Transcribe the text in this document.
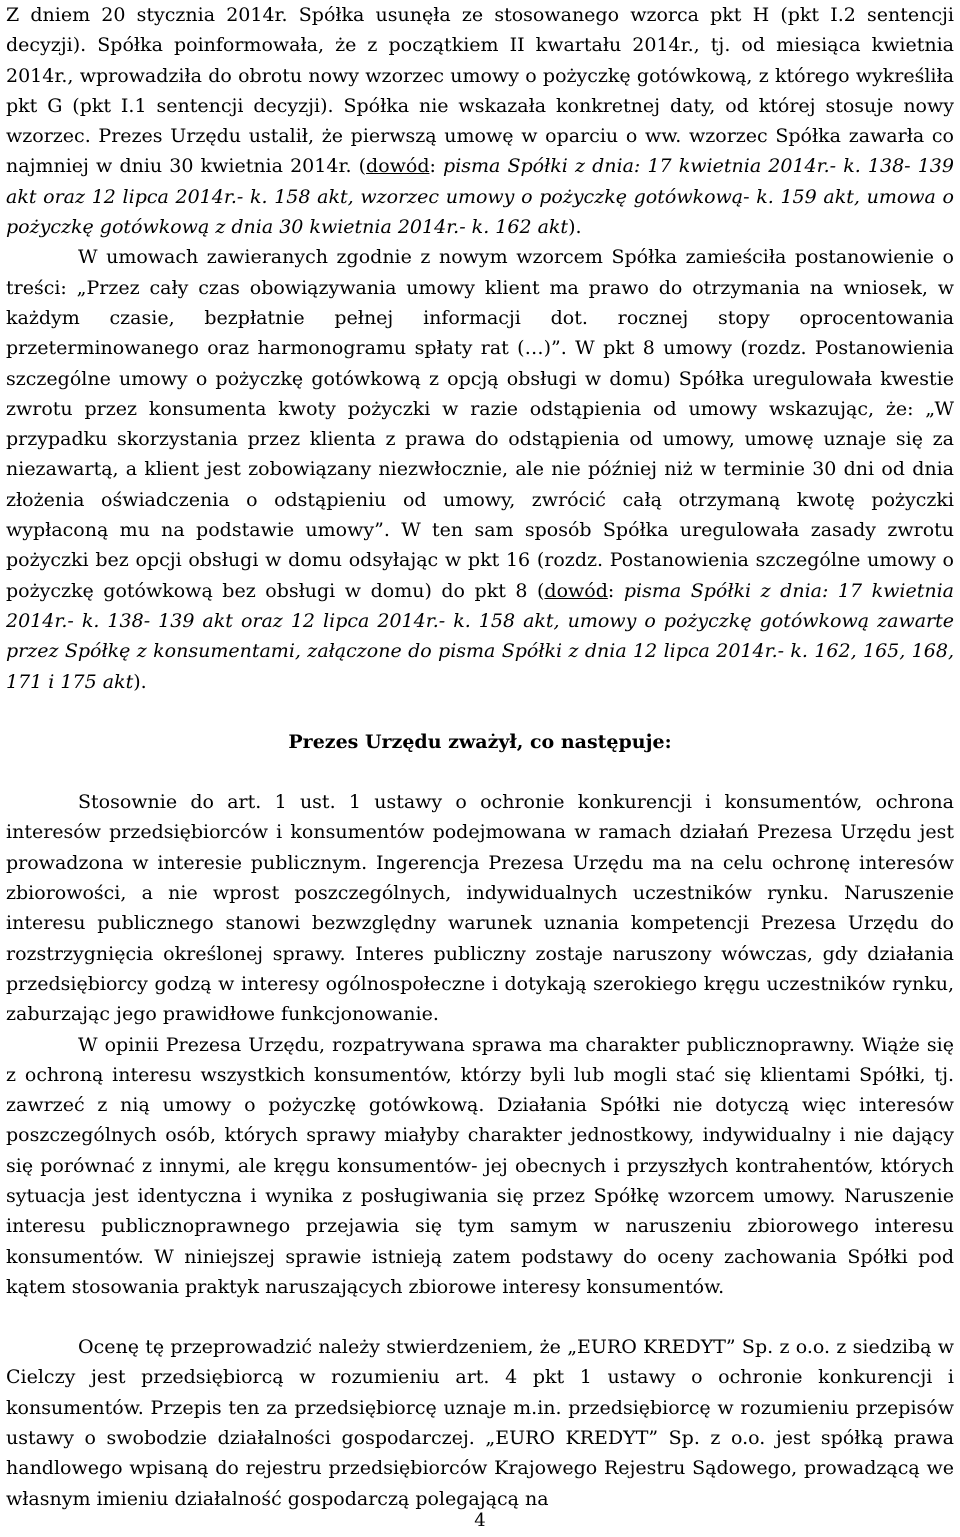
Z dniem 20 stycznia 2014r. Spółka usunęła ze stosowanego wzorca pkt H (pkt I.2 sentencji decyzji). Spółka poinformowała, że z początkiem II kwartału 2014r., tj. od miesiąca kwietnia 2014r., wprowadziła do obrotu nowy wzorzec umowy o pożyczkę gotówkową, z którego wykreśliła pkt G (pkt I.1 sentencji decyzji). Spółka nie wskazała konkretnej daty, od której stosuje nowy wzorzec. Prezes Urzędu ustalił, że pierwszą umowę w oparciu o ww. wzorzec Spółka zawarła co najmniej w dniu 30 kwietnia 2014r. (dowód: pisma Spółki z dnia: 17 kwietnia 2014r.- k. 138- 139 akt oraz 12 lipca 2014r.- k. 158 akt, wzorzec umowy o pożyczkę gotówkową- k. 159 akt, umowa o pożyczkę gotówkową z dnia 30 kwietnia 2014r.- k. 162 akt).

W umowach zawieranych zgodnie z nowym wzorcem Spółka zamieściła postanowienie o treści: „Przez cały czas obowiązywania umowy klient ma prawo do otrzymania na wniosek, w każdym czasie, bezpłatnie pełnej informacji dot. rocznej stopy oprocentowania przeterminowanego oraz harmonogramu spłaty rat (…)”. W pkt 8 umowy (rozdz. Postanowienia szczególne umowy o pożyczkę gotówkową z opcją obsługi w domu) Spółka uregulowała kwestie zwrotu przez konsumenta kwoty pożyczki w razie odstąpienia od umowy wskazując, że: „W przypadku skorzystania przez klienta z prawa do odstąpienia od umowy, umowę uznaje się za niezawartą, a klient jest zobowiązany niezwłocznie, ale nie później niż w terminie 30 dni od dnia złożenia oświadczenia o odstąpieniu od umowy, zwrócić całą otrzymaną kwotę pożyczki wypłaconą mu na podstawie umowy”. W ten sam sposób Spółka uregulowała zasady zwrotu pożyczki bez opcji obsługi w domu odsyłając w pkt 16 (rozdz. Postanowienia szczególne umowy o pożyczkę gotówkową bez obsługi w domu) do pkt 8 (dowód: pisma Spółki z dnia: 17 kwietnia 2014r.- k. 138- 139 akt oraz 12 lipca 2014r.- k. 158 akt, umowy o pożyczkę gotówkową zawarte przez Spółkę z konsumentami, załączone do pisma Spółki z dnia 12 lipca 2014r.- k. 162, 165, 168, 171 i 175 akt).

Prezes Urzędu zważył, co następuje:

Stosownie do art. 1 ust. 1 ustawy o ochronie konkurencji i konsumentów, ochrona interesów przedsiębiorców i konsumentów podejmowana w ramach działań Prezesa Urzędu jest prowadzona w interesie publicznym. Ingerencja Prezesa Urzędu ma na celu ochronę interesów zbiorowości, a nie wprost poszczególnych, indywidualnych uczestników rynku. Naruszenie interesu publicznego stanowi bezwzględny warunek uznania kompetencji Prezesa Urzędu do rozstrzygnięcia określonej sprawy. Interes publiczny zostaje naruszony wówczas, gdy działania przedsiębiorcy godzą w interesy ogólnospołeczne i dotykają szerokiego kręgu uczestników rynku, zaburzając jego prawidłowe funkcjonowanie.

W opinii Prezesa Urzędu, rozpatrywana sprawa ma charakter publicznoprawny. Wiąże się z ochroną interesu wszystkich konsumentów, którzy byli lub mogli stać się klientami Spółki, tj. zawrzeć z nią umowy o pożyczkę gotówkową. Działania Spółki nie dotyczą więc interesów poszczególnych osób, których sprawy miałyby charakter jednostkowy, indywidualny i nie dający się porównać z innymi, ale kręgu konsumentów- jej obecnych i przyszłych kontrahentów, których sytuacja jest identyczna i wynika z posługiwania się przez Spółkę wzorcem umowy. Naruszenie interesu publicznoprawnego przejawia się tym samym w naruszeniu zbiorowego interesu konsumentów. W niniejszej sprawie istnieją zatem podstawy do oceny zachowania Spółki pod kątem stosowania praktyk naruszających zbiorowe interesy konsumentów.

Ocenę tę przeprowadzić należy stwierdzeniem, że „EURO KREDYT” Sp. z o.o. z siedzibą w Cielczy jest przedsiębiorcą w rozumieniu art. 4 pkt 1 ustawy o ochronie konkurencji i konsumentów. Przepis ten za przedsiębiorcę uznaje m.in. przedsiębiorcę w rozumieniu przepisów ustawy o swobodzie działalności gospodarczej. „EURO KREDYT” Sp. z o.o. jest spółką prawa handlowego wpisaną do rejestru przedsiębiorców Krajowego Rejestru Sądowego, prowadzącą we własnym imieniu działalność gospodarczą polegającą na

4
